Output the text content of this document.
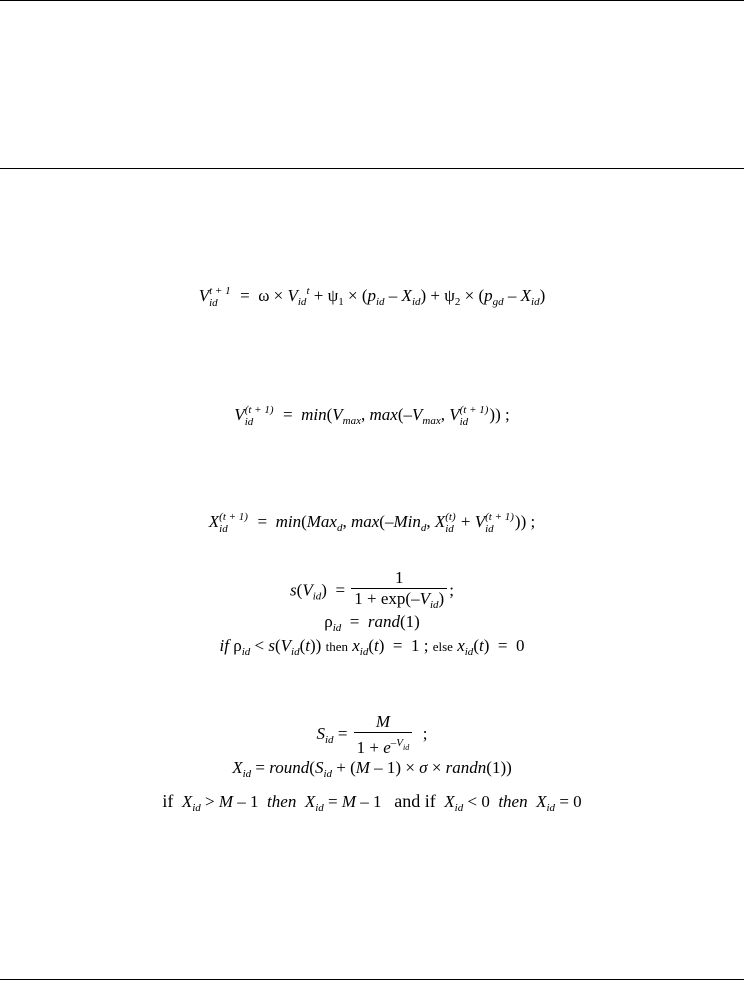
V t + 1
id =  $\omega \times V_{id}^t + \psi_1 \times (p_{id} - X_{id}) + \psi_2 \times (p_{gd} - X_{id})$
V (t + 1)
id	=  $\min(V_{max}$, $\max(-V_{max}$, V (t + 1)
id	)) ;
X (t + 1)
id	=  min(Max$_d$, max(–Min$_d$, X (t)
id + V (t + 1)
id	)) ;
$s(V_{id}) = \frac{1}{1 + \exp(-V_{id})}$ ;
$\rho_{id}$  =  rand(1)
if $\rho_{id} < s(V_{id}(t))$ then $x_{id}(t) = 1$ ; else $x_{id}(t) = 0$
$S_{id} = \frac{M}{1 + e^{-V_{id}}}$ ;
$X_{id}$ = $round(S_{id} + (M - 1) \times \sigma$ × randn(1))
if $X_{id} > M - 1$  then $X_{id} = M - 1$   and if $X_{id} < 0$  then $X_{id} = 0$
